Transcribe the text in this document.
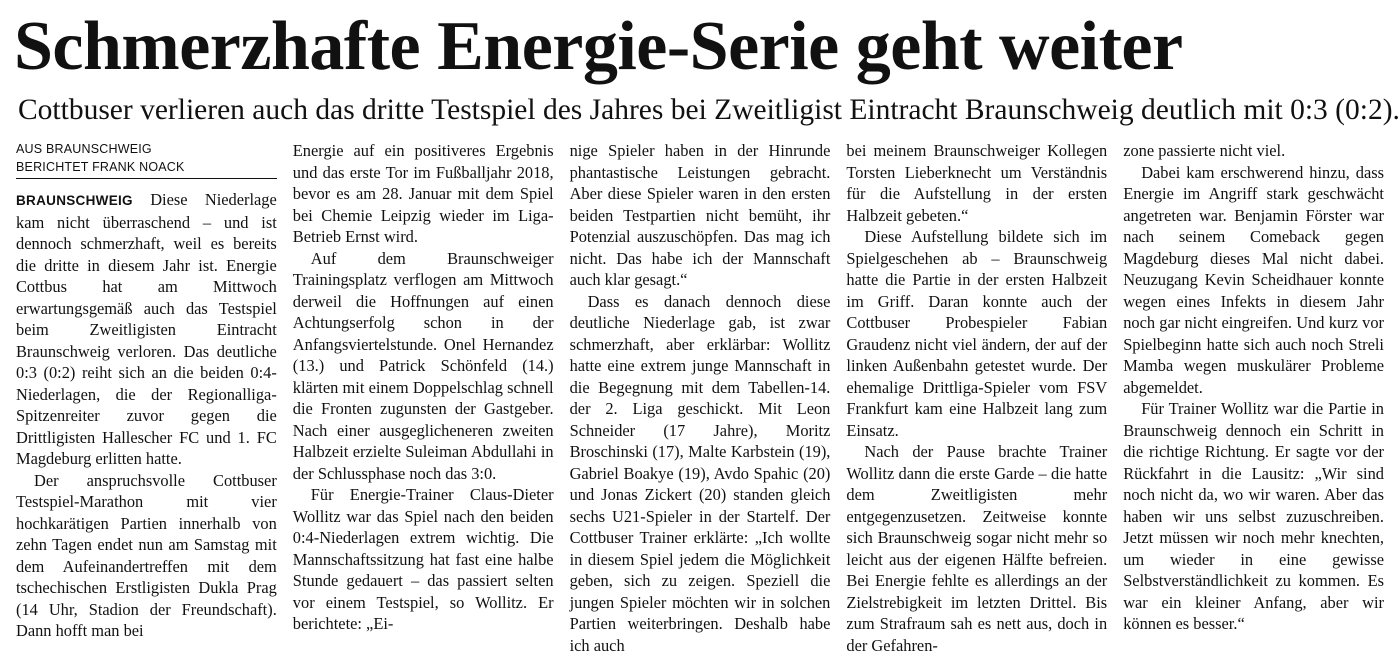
Schmerzhafte Energie-Serie geht weiter
Cottbuser verlieren auch das dritte Testspiel des Jahres bei Zweitligist Eintracht Braunschweig deutlich mit 0:3 (0:2).
AUS BRAUNSCHWEIG
BERICHTET FRANK NOACK

BRAUNSCHWEIG Diese Niederlage kam nicht überraschend – und ist dennoch schmerzhaft, weil es bereits die dritte in diesem Jahr ist. Energie Cottbus hat am Mittwoch erwartungsgemäß auch das Testspiel beim Zweitligisten Eintracht Braunschweig verloren. Das deutliche 0:3 (0:2) reiht sich an die beiden 0:4-Niederlagen, die der Regionalliga-Spitzenreiter zuvor gegen die Drittligisten Hallescher FC und 1. FC Magdeburg erlitten hatte.

Der anspruchsvolle Cottbuser Testspiel-Marathon mit vier hochkarätigen Partien innerhalb von zehn Tagen endet nun am Samstag mit dem Aufeinandertreffen mit dem tschechischen Erstligisten Dukla Prag (14 Uhr, Stadion der Freundschaft). Dann hofft man bei

Energie auf ein positiveres Ergebnis und das erste Tor im Fußballjahr 2018, bevor es am 28. Januar mit dem Spiel bei Chemie Leipzig wieder im Liga-Betrieb Ernst wird.

Auf dem Braunschweiger Trainingsplatz verflogen am Mittwoch derweil die Hoffnungen auf einen Achtungserfolg schon in der Anfangsviertelstunde. Onel Hernandez (13.) und Patrick Schönfeld (14.) klärten mit einem Doppelschlag schnell die Fronten zugunsten der Gastgeber. Nach einer ausgeglicheneren zweiten Halbzeit erzielte Suleiman Abdullahi in der Schlussphase noch das 3:0.

Für Energie-Trainer Claus-Dieter Wollitz war das Spiel nach den beiden 0:4-Niederlagen extrem wichtig. Die Mannschaftssitzung hat fast eine halbe Stunde gedauert – das passiert selten vor einem Testspiel, so Wollitz. Er berichtete: „Ei-

nige Spieler haben in der Hinrunde phantastische Leistungen gebracht. Aber diese Spieler waren in den ersten beiden Testpartien nicht bemüht, ihr Potenzial auszuschöpfen. Das mag ich nicht. Das habe ich der Mannschaft auch klar gesagt.“

Dass es danach dennoch diese deutliche Niederlage gab, ist zwar schmerzhaft, aber erklärbar: Wollitz hatte eine extrem junge Mannschaft in die Begegnung mit dem Tabellen-14. der 2. Liga geschickt. Mit Leon Schneider (17 Jahre), Moritz Broschinski (17), Malte Karbstein (19), Gabriel Boakye (19), Avdo Spahic (20) und Jonas Zickert (20) standen gleich sechs U21-Spieler in der Startelf. Der Cottbuser Trainer erklärte: „Ich wollte in diesem Spiel jedem die Möglichkeit geben, sich zu zeigen. Speziell die jungen Spieler möchten wir in solchen Partien weiterbringen. Deshalb habe ich auch

bei meinem Braunschweiger Kollegen Torsten Lieberknecht um Verständnis für die Aufstellung in der ersten Halbzeit gebeten.“

Diese Aufstellung bildete sich im Spielgeschehen ab – Braunschweig hatte die Partie in der ersten Halbzeit im Griff. Daran konnte auch der Cottbuser Probespieler Fabian Graudenz nicht viel ändern, der auf der linken Außenbahn getestet wurde. Der ehemalige Drittliga-Spieler vom FSV Frankfurt kam eine Halbzeit lang zum Einsatz.

Nach der Pause brachte Trainer Wollitz dann die erste Garde – die hatte dem Zweitligisten mehr entgegenzusetzen. Zeitweise konnte sich Braunschweig sogar nicht mehr so leicht aus der eigenen Hälfte befreien. Bei Energie fehlte es allerdings an der Zielstrebigkeit im letzten Drittel. Bis zum Strafraum sah es nett aus, doch in der Gefahren-

zone passierte nicht viel.

Dabei kam erschwerend hinzu, dass Energie im Angriff stark geschwächt angetreten war. Benjamin Förster war nach seinem Comeback gegen Magdeburg dieses Mal nicht dabei. Neuzugang Kevin Scheidhauer konnte wegen eines Infekts in diesem Jahr noch gar nicht eingreifen. Und kurz vor Spielbeginn hatte sich auch noch Streli Mamba wegen muskulärer Probleme abgemeldet.

Für Trainer Wollitz war die Partie in Braunschweig dennoch ein Schritt in die richtige Richtung. Er sagte vor der Rückfahrt in die Lausitz: „Wir sind noch nicht da, wo wir waren. Aber das haben wir uns selbst zuzuschreiben. Jetzt müssen wir noch mehr knechten, um wieder in eine gewisse Selbstverständlichkeit zu kommen. Es war ein kleiner Anfang, aber wir können es besser.“
